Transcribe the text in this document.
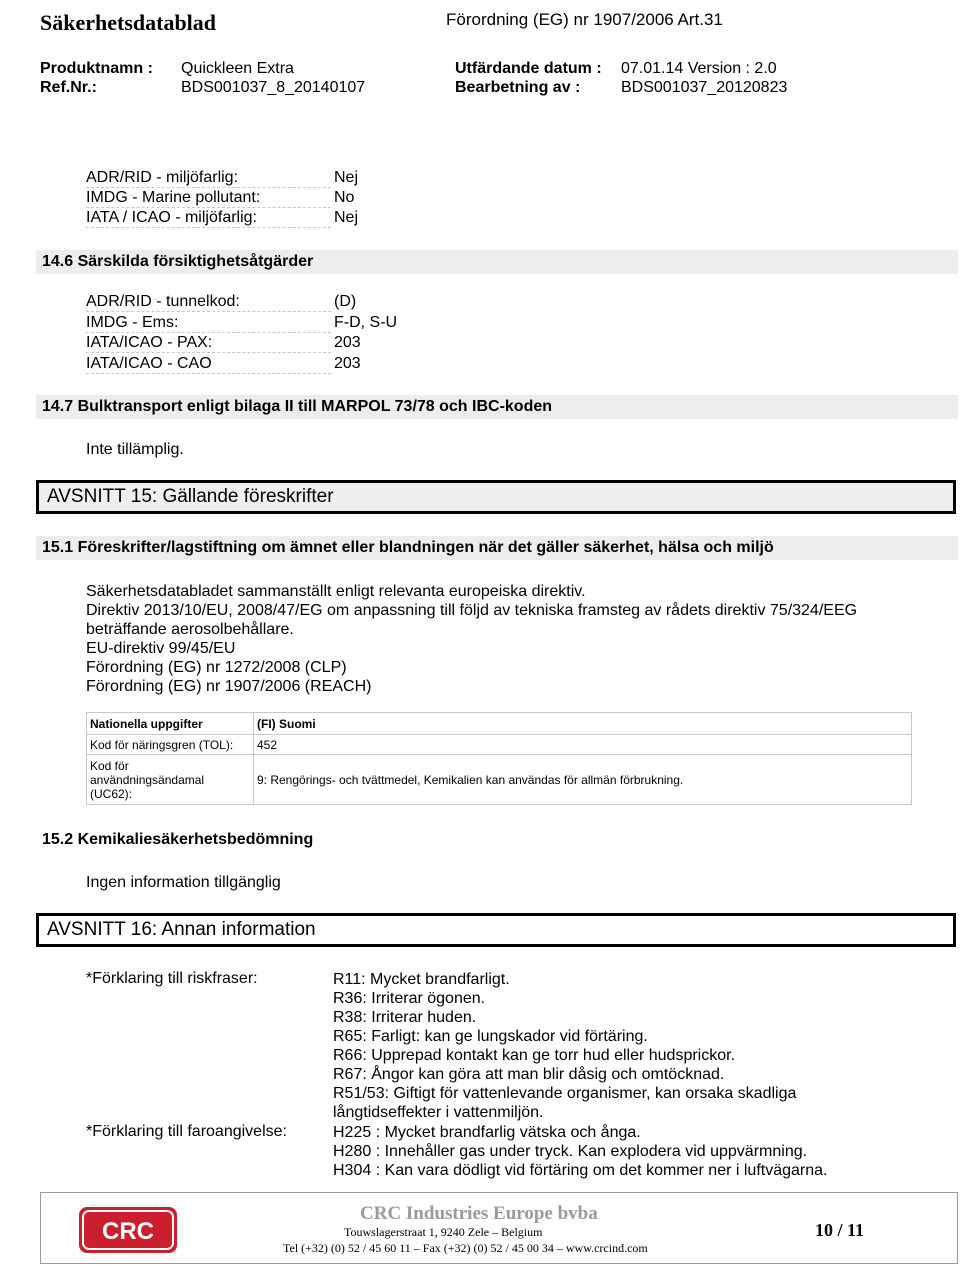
Säkerhetsdatablad	Förordning (EG) nr 1907/2006 Art.31
Produktnamn : Quickleen Extra	Utfärdande datum : 07.01.14 Version : 2.0
Ref.Nr.:	BDS001037_8_20140107	Bearbetning av :	BDS001037_20120823
ADR/RID - miljöfarlig:	Nej
IMDG - Marine pollutant:	No
IATA / ICAO - miljöfarlig:	Nej
14.6 Särskilda försiktighetsåtgärder
ADR/RID - tunnelkod:	(D)
IMDG - Ems:	F-D, S-U
IATA/ICAO - PAX:	203
IATA/ICAO - CAO	203
14.7 Bulktransport enligt bilaga II till MARPOL 73/78 och IBC-koden
Inte tillämplig.
AVSNITT 15: Gällande föreskrifter
15.1 Föreskrifter/lagstiftning om ämnet eller blandningen när det gäller säkerhet, hälsa och miljö
Säkerhetsdatabladet sammanställt enligt relevanta europeiska direktiv.
Direktiv 2013/10/EU, 2008/47/EG om anpassning till följd av tekniska framsteg av rådets direktiv 75/324/EEG
beträffande aerosolbehållare.
EU-direktiv 99/45/EU
Förordning (EG) nr 1272/2008 (CLP)
Förordning (EG) nr 1907/2006 (REACH)
Nationella uppgifter	(FI) Suomi
Kod för näringsgren (TOL):	452

Kod för
användningsändamal
(UC62):	9: Rengörings- och tvättmedel, Kemikalien kan användas för allmän förbrukning.
15.2 Kemikaliesäkerhetsbedömning
Ingen information tillgänglig
AVSNITT 16: Annan information
*Förklaring till riskfraser:	R11: Mycket brandfarligt.
R36: Irriterar ögonen.
R38: Irriterar huden.
R65: Farligt: kan ge lungskador vid förtäring.
R66: Upprepad kontakt kan ge torr hud eller hudsprickor.
R67: Ångor kan göra att man blir dåsig och omtöcknad.
R51/53: Giftigt för vattenlevande organismer, kan orsaka skadliga
långtidseffekter i vattenmiljön.
*Förklaring till faroangivelse:	H225 : Mycket brandfarlig vätska och ånga.
H280 : Innehåller gas under tryck. Kan explodera vid uppvärmning.
H304 : Kan vara dödligt vid förtäring om det kommer ner i luftvägarna.
CRC
CRC Industries Europe bvba
Touwslagerstraat 1, 9240 Zele – Belgium
Tel (+32) (0) 52 / 45 60 11 – Fax (+32) (0) 52 / 45 00 34 – www.crcind.com
10 / 11
